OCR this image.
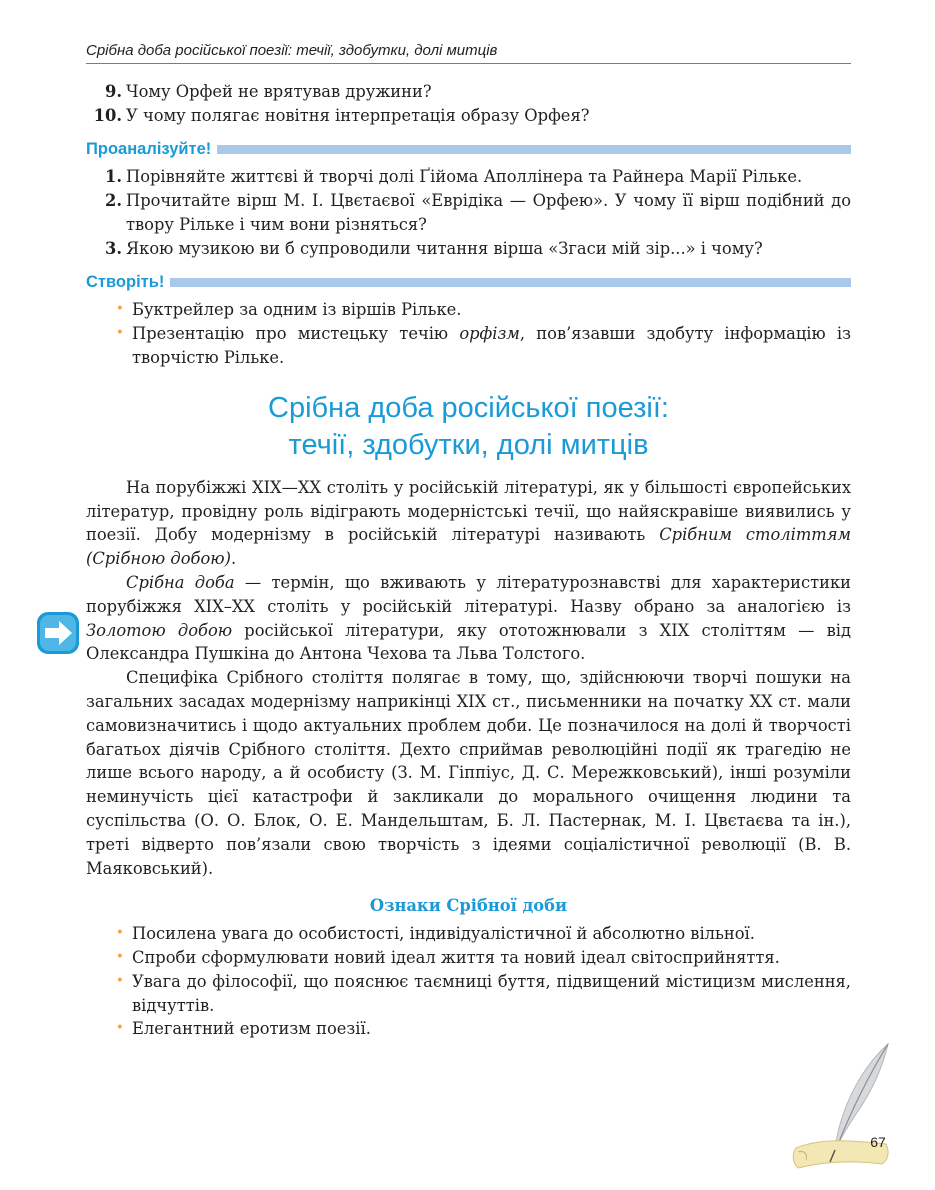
Срібна доба російської поезії: течії, здобутки, долі митців
9. Чому Орфей не врятував дружини?
10. У чому полягає новітня інтерпретація образу Орфея?
Проаналізуйте!
1. Порівняйте життєві й творчі долі Ґійома Аполлінера та Райнера Марії Рільке.
2. Прочитайте вірш М. І. Цвєтаєвої «Еврідіка — Орфею». У чому її вірш подібний до твору Рільке і чим вони різняться?
3. Якою музикою ви б супроводили читання вірша «Згаси мій зір...» і чому?
Створіть!
• Буктрейлер за одним із віршів Рільке.
• Презентацію про мистецьку течію орфізм, пов’язавши здобуту інформацію із творчістю Рільке.
Срібна доба російської поезії:
течії, здобутки, долі митців

На порубіжжі XIX—XX століть у російській літературі, як у більшості європейських літератур, провідну роль відіграють модерністські течії, що найяскравіше виявились у поезії. Добу модернізму в російській літературі називають Срібним століттям (Срібною добою).

Срібна доба — термін, що вживають у літературознавстві для характеристики порубіжжя XIX–XX століть у російській літературі. Назву обрано за аналогією із Золотою добою російської літератури, яку ототожнювали з XIX століттям — від Олександра Пушкіна до Антона Чехова та Льва Толстого.

Специфіка Срібного століття полягає в тому, що, здійснюючи творчі пошуки на загальних засадах модернізму наприкінці XIX ст., письменники на початку XX ст. мали самовизначитись і щодо актуальних проблем доби. Це позначилося на долі й творчості багатьох діячів Срібного століття. Дехто сприймав революційні події як трагедію не лише всього народу, а й особисту (З. М. Гіппіус, Д. С. Мережковський), інші розуміли неминучість цієї катастрофи й закликали до морального очищення людини та суспільства (О. О. Блок, О. Е. Мандельштам, Б. Л. Пастернак, М. І. Цвєтаєва та ін.), треті відверто пов’язали свою творчість з ідеями соціалістичної революції (В. В. Маяковський).

Ознаки Срібної доби
• Посилена увага до особистості, індивідуалістичної й абсолютно вільної.
• Спроби сформулювати новий ідеал життя та новий ідеал світосприйняття.
• Увага до філософії, що пояснює таємниці буття, підвищений містицизм мислення, відчуттів.
• Елегантний еротизм поезії.
67
